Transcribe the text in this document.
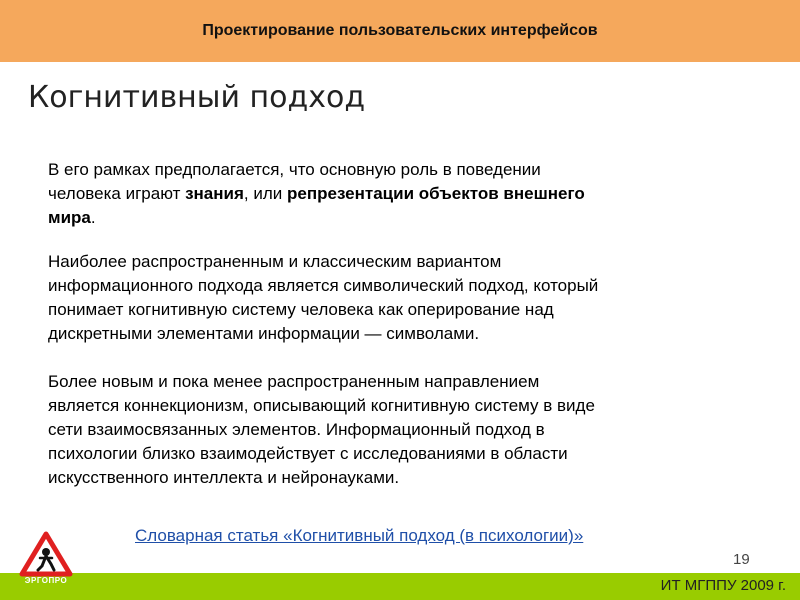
Проектирование пользовательских интерфейсов
Когнитивный подход
В его рамках предполагается, что основную роль в поведении
человека играют знания, или репрезентации объектов внешнего
мира.
Наиболее распространенным и классическим вариантом
информационного подхода является символический подход, который
понимает когнитивную систему человека как оперирование над
дискретными элементами информации — символами.
Более новым и пока менее распространенным направлением
является коннекционизм, описывающий когнитивную систему в виде
сети взаимосвязанных элементов. Информационный подход в
психологии близко взаимодействует с исследованиями в области
искусственного интеллекта и нейронауками.
Словарная статья «Когнитивный подход (в психологии)»
19
ЭРГОПРО	ИТ МГППУ 2009 г.
